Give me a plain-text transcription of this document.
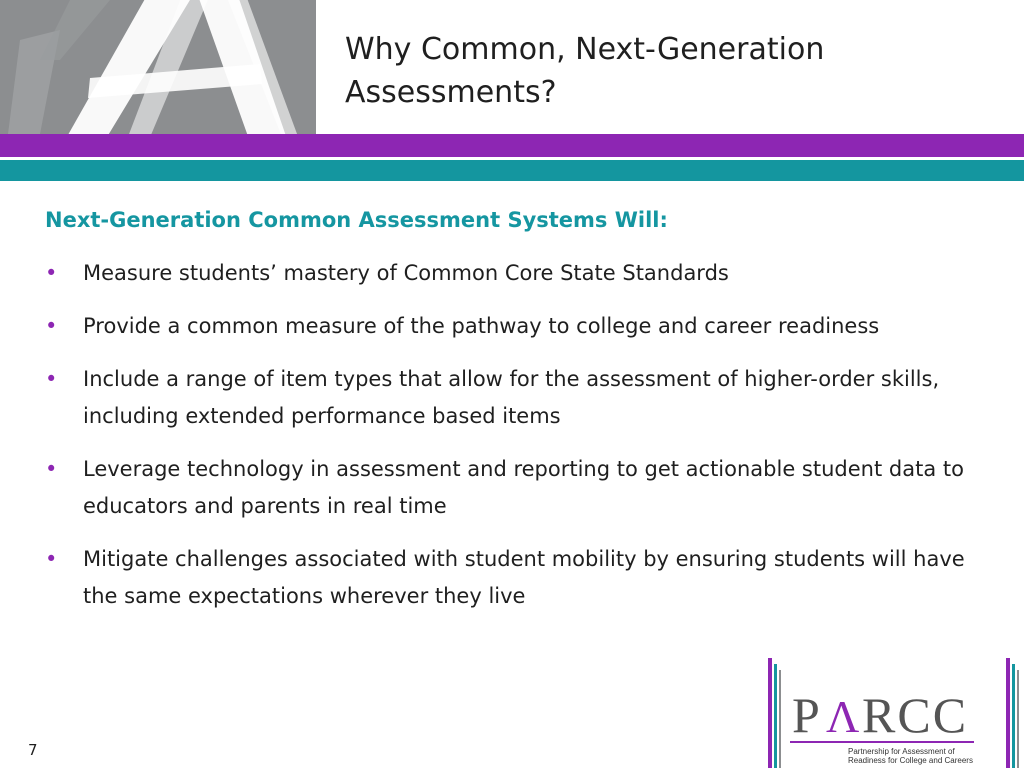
Why Common, Next-Generation Assessments?
Next-Generation Common Assessment Systems Will:
• Measure students’ mastery of Common Core State Standards
• Provide a common measure of the pathway to college and career readiness
• Include a range of item types that allow for the assessment of higher-order skills, including extended performance based items
• Leverage technology in assessment and reporting to get actionable student data to educators and parents in real time
• Mitigate challenges associated with student mobility by ensuring students will have the same expectations wherever they live
P Λ RCC
Partnership for Assessment of
Readiness for College and Careers
7
